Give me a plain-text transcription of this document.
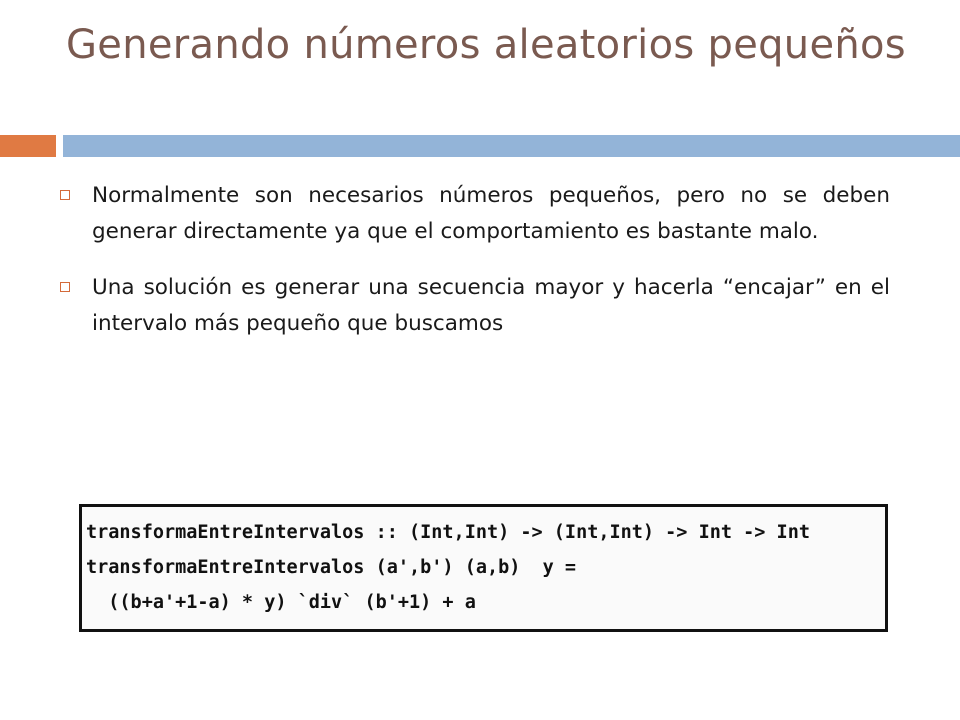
Generando números aleatorios pequeños
Normalmente son necesarios números pequeños, pero no se deben generar directamente ya que el comportamiento es bastante malo.
Una solución es generar una secuencia mayor y hacerla “encajar” en el intervalo más pequeño que buscamos
transformaEntreIntervalos :: (Int,Int) -> (Int,Int) -> Int -> Int
transformaEntreIntervalos (a',b') (a,b)  y =
((b+a'+1-a) * y) `div` (b'+1) + a
